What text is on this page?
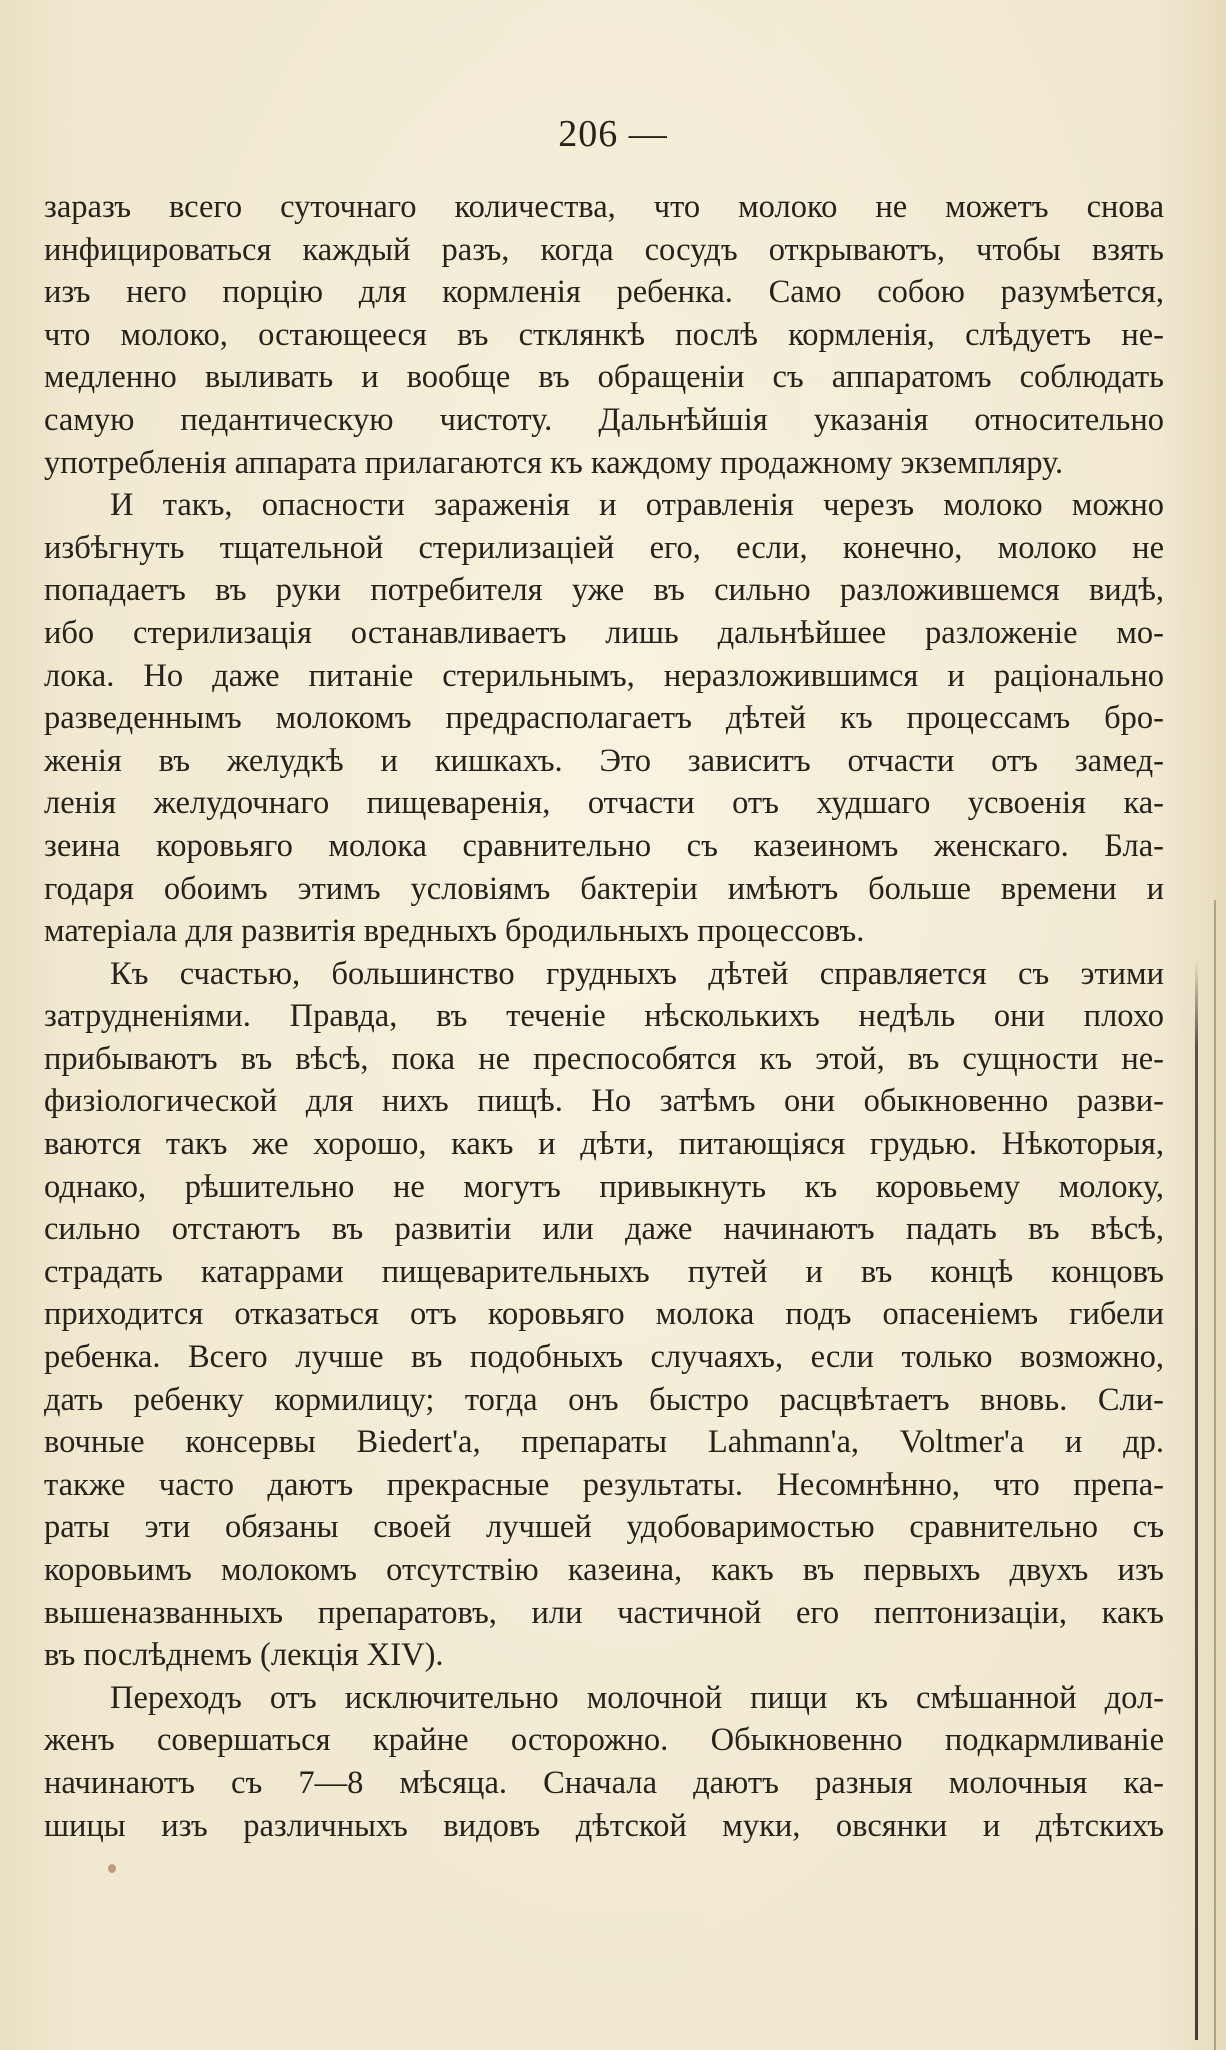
206 —
заразъ всего суточнаго количества, что молоко не можетъ снова
инфицироваться каждый разъ, когда сосудъ открываютъ, чтобы взять
изъ него порцію для кормленія ребенка. Само собою разумѣется,
что молоко, остающееся въ стклянкѣ послѣ кормленія, слѣдуетъ не-
медленно выливать и вообще въ обращеніи съ аппаратомъ соблюдать
самую педантическую чистоту. Дальнѣйшія указанія относительно
употребленія аппарата прилагаются къ каждому продажному экземпляру.
И такъ, опасности зараженія и отравленія черезъ молоко можно
избѣгнуть тщательной стерилизаціей его, если, конечно, молоко не
попадаетъ въ руки потребителя уже въ сильно разложившемся видѣ,
ибо стерилизація останавливаетъ лишь дальнѣйшее разложеніе мо-
лока. Но даже питаніе стерильнымъ, неразложившимся и раціонально
разведеннымъ молокомъ предрасполагаетъ дѣтей къ процессамъ бро-
женія въ желудкѣ и кишкахъ. Это зависитъ отчасти отъ замед-
ленія желудочнаго пищеваренія, отчасти отъ худшаго усвоенія ка-
зеина коровьяго молока сравнительно съ казеиномъ женскаго. Бла-
годаря обоимъ этимъ условіямъ бактеріи имѣютъ больше времени и
матеріала для развитія вредныхъ бродильныхъ процессовъ.
Къ счастью, большинство грудныхъ дѣтей справляется съ этими
затрудненіями. Правда, въ теченіе нѣсколькихъ недѣль они плохо
прибываютъ въ вѣсѣ, пока не преспособятся къ этой, въ сущности не-
физіологической для нихъ пищѣ. Но затѣмъ они обыкновенно разви-
ваются такъ же хорошо, какъ и дѣти, питающіяся грудью. Нѣкоторыя,
однако, рѣшительно не могутъ привыкнуть къ коровьему молоку,
сильно отстаютъ въ развитіи или даже начинаютъ падать въ вѣсѣ,
страдать катаррами пищеварительныхъ путей и въ концѣ концовъ
приходится отказаться отъ коровьяго молока подъ опасеніемъ гибели
ребенка. Всего лучше въ подобныхъ случаяхъ, если только возможно,
дать ребенку кормилицу; тогда онъ быстро расцвѣтаетъ вновь. Сли-
вочные консервы Biedert'а, препараты Lahmann'а, Voltmer'а и др.
также часто даютъ прекрасные результаты. Несомнѣнно, что препа-
раты эти обязаны своей лучшей удобоваримостью сравнительно съ
коровьимъ молокомъ отсутствію казеина, какъ въ первыхъ двухъ изъ
вышеназванныхъ препаратовъ, или частичной его пептонизаціи, какъ
въ послѣднемъ (лекція XIV).
Переходъ отъ исключительно молочной пищи къ смѣшанной дол-
женъ совершаться крайне осторожно. Обыкновенно подкармливаніе
начинаютъ съ 7—8 мѣсяца. Сначала даютъ разныя молочныя ка-
шицы изъ различныхъ видовъ дѣтской муки, овсянки и дѣтскихъ
